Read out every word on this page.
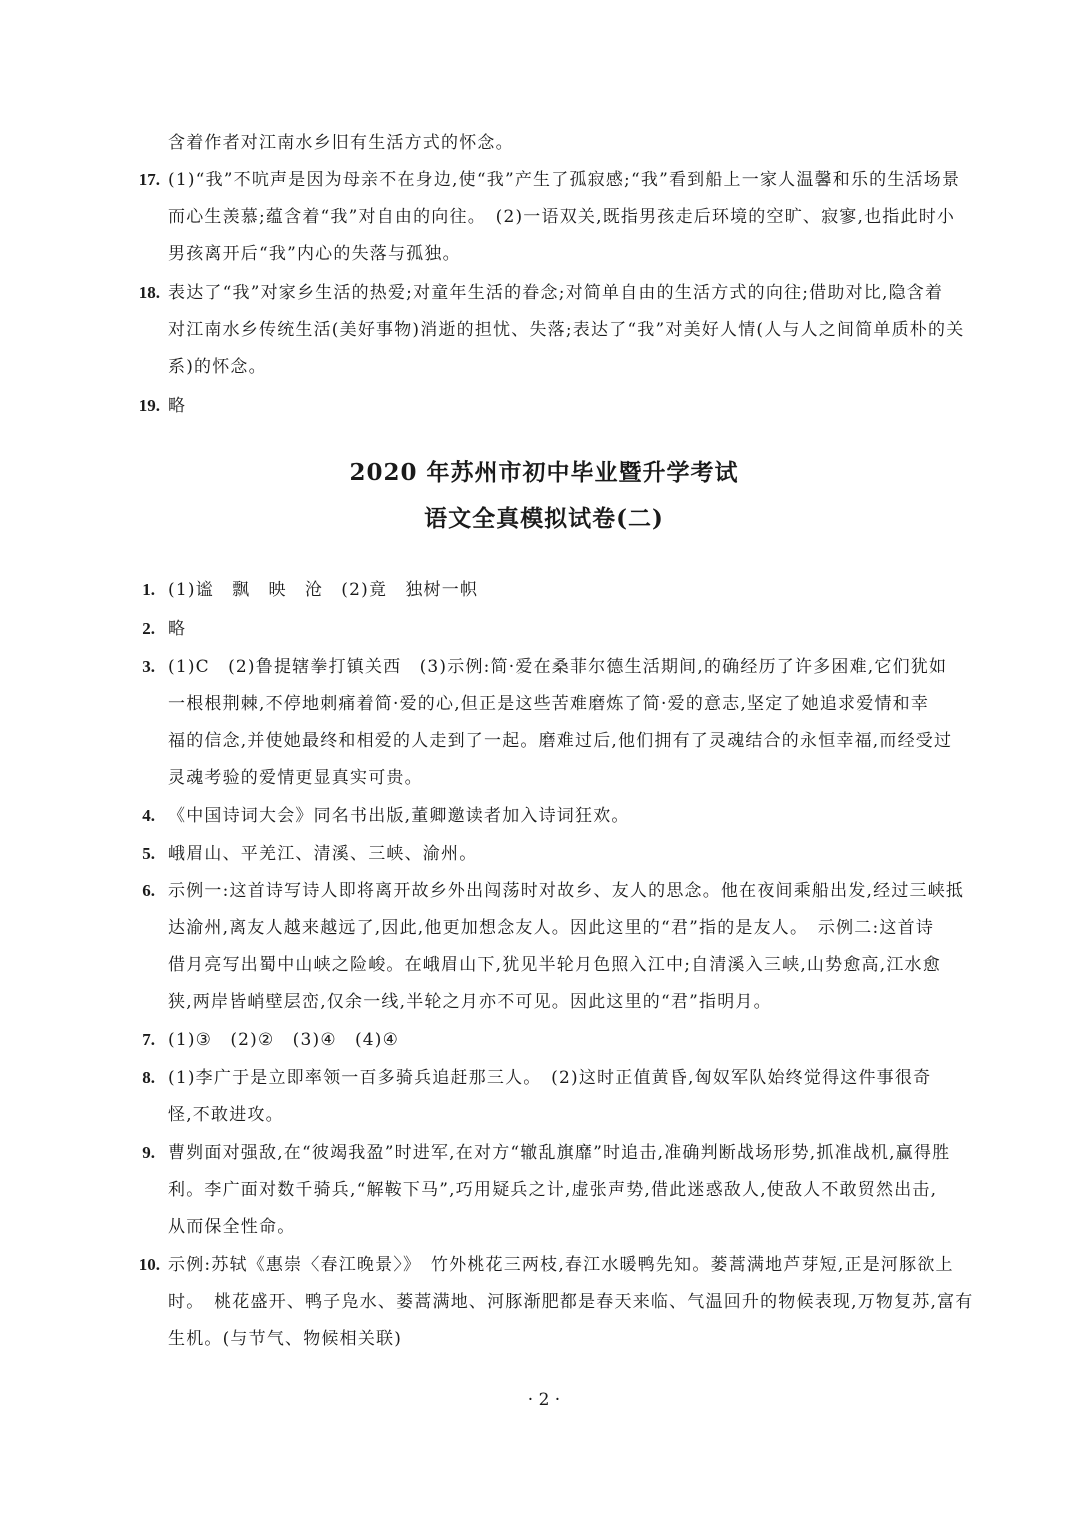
含着作者对江南水乡旧有生活方式的怀念。
17. (1)“我”不吭声是因为母亲不在身边,使“我”产生了孤寂感;“我”看到船上一家人温馨和乐的生活场景
而心生羡慕;蕴含着“我”对自由的向往。　(2)一语双关,既指男孩走后环境的空旷、寂寥,也指此时小
男孩离开后“我”内心的失落与孤独。
18. 表达了“我”对家乡生活的热爱;对童年生活的眷念;对简单自由的生活方式的向往;借助对比,隐含着
对江南水乡传统生活(美好事物)消逝的担忧、失落;表达了“我”对美好人情(人与人之间简单质朴的关
系)的怀念。
19. 略
2020 年苏州市初中毕业暨升学考试
语文全真模拟试卷(二)
1. (1)谧　飘　映　沧　(2)竟　独树一帜
2. 略
3. (1)C　(2)鲁提辖拳打镇关西　(3)示例:简·爱在桑菲尔德生活期间,的确经历了许多困难,它们犹如
一根根荆棘,不停地刺痛着简·爱的心,但正是这些苦难磨炼了简·爱的意志,坚定了她追求爱情和幸
福的信念,并使她最终和相爱的人走到了一起。磨难过后,他们拥有了灵魂结合的永恒幸福,而经受过
灵魂考验的爱情更显真实可贵。
4. 《中国诗词大会》同名书出版,董卿邀读者加入诗词狂欢。
5. 峨眉山、平羌江、清溪、三峡、渝州。
6. 示例一:这首诗写诗人即将离开故乡外出闯荡时对故乡、友人的思念。他在夜间乘船出发,经过三峡抵
达渝州,离友人越来越远了,因此,他更加想念友人。因此这里的“君”指的是友人。　示例二:这首诗
借月亮写出蜀中山峡之险峻。在峨眉山下,犹见半轮月色照入江中;自清溪入三峡,山势愈高,江水愈
狭,两岸皆峭壁层峦,仅余一线,半轮之月亦不可见。因此这里的“君”指明月。
7. (1)③　(2)②　(3)④　(4)④
8. (1)李广于是立即率领一百多骑兵追赶那三人。　(2)这时正值黄昏,匈奴军队始终觉得这件事很奇
怪,不敢进攻。
9. 曹刿面对强敌,在“彼竭我盈”时进军,在对方“辙乱旗靡”时追击,准确判断战场形势,抓准战机,赢得胜
利。李广面对数千骑兵,“解鞍下马”,巧用疑兵之计,虚张声势,借此迷惑敌人,使敌人不敢贸然出击,
从而保全性命。
10. 示例:苏轼《惠崇〈春江晚景〉》　竹外桃花三两枝,春江水暖鸭先知。蒌蒿满地芦芽短,正是河豚欲上
时。　桃花盛开、鸭子凫水、蒌蒿满地、河豚渐肥都是春天来临、气温回升的物候表现,万物复苏,富有
生机。(与节气、物候相关联)
· 2 ·
